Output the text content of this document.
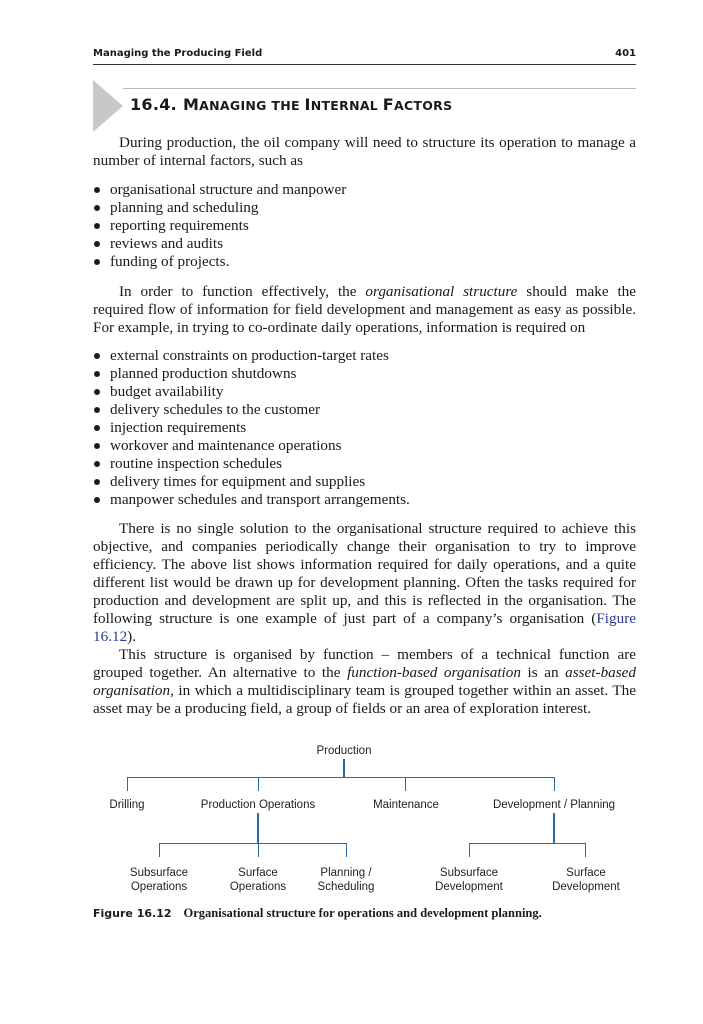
Managing the Producing Field	401
16.4. MANAGING THE INTERNAL FACTORS

During production, the oil company will need to structure its operation to manage a number of internal factors, such as

organisational structure and manpower
planning and scheduling
reporting requirements
reviews and audits
funding of projects.

In order to function effectively, the organisational structure should make the required flow of information for field development and management as easy as possible. For example, in trying to co-ordinate daily operations, information is required on

external constraints on production-target rates
planned production shutdowns
budget availability
delivery schedules to the customer
injection requirements
workover and maintenance operations
routine inspection schedules
delivery times for equipment and supplies
manpower schedules and transport arrangements.

There is no single solution to the organisational structure required to achieve this objective, and companies periodically change their organisation to try to improve efficiency. The above list shows information required for daily operations, and a quite different list would be drawn up for development planning. Often the tasks required for production and development are split up, and this is reflected in the organisation. The following structure is one example of just part of a company’s organisation (Figure 16.12).

This structure is organised by function – members of a technical function are grouped together. An alternative to the function-based organisation is an asset-based organisation, in which a multidisciplinary team is grouped together within an asset. The asset may be a producing field, a group of fields or an area of exploration interest.

Production
Drilling	Production Operations	Maintenance	Development / Planning
Subsurface
Operations
Surface
Operations
Planning /
Scheduling
Subsurface
Development
Surface
Development
Figure 16.12 Organisational structure for operations and development planning.
